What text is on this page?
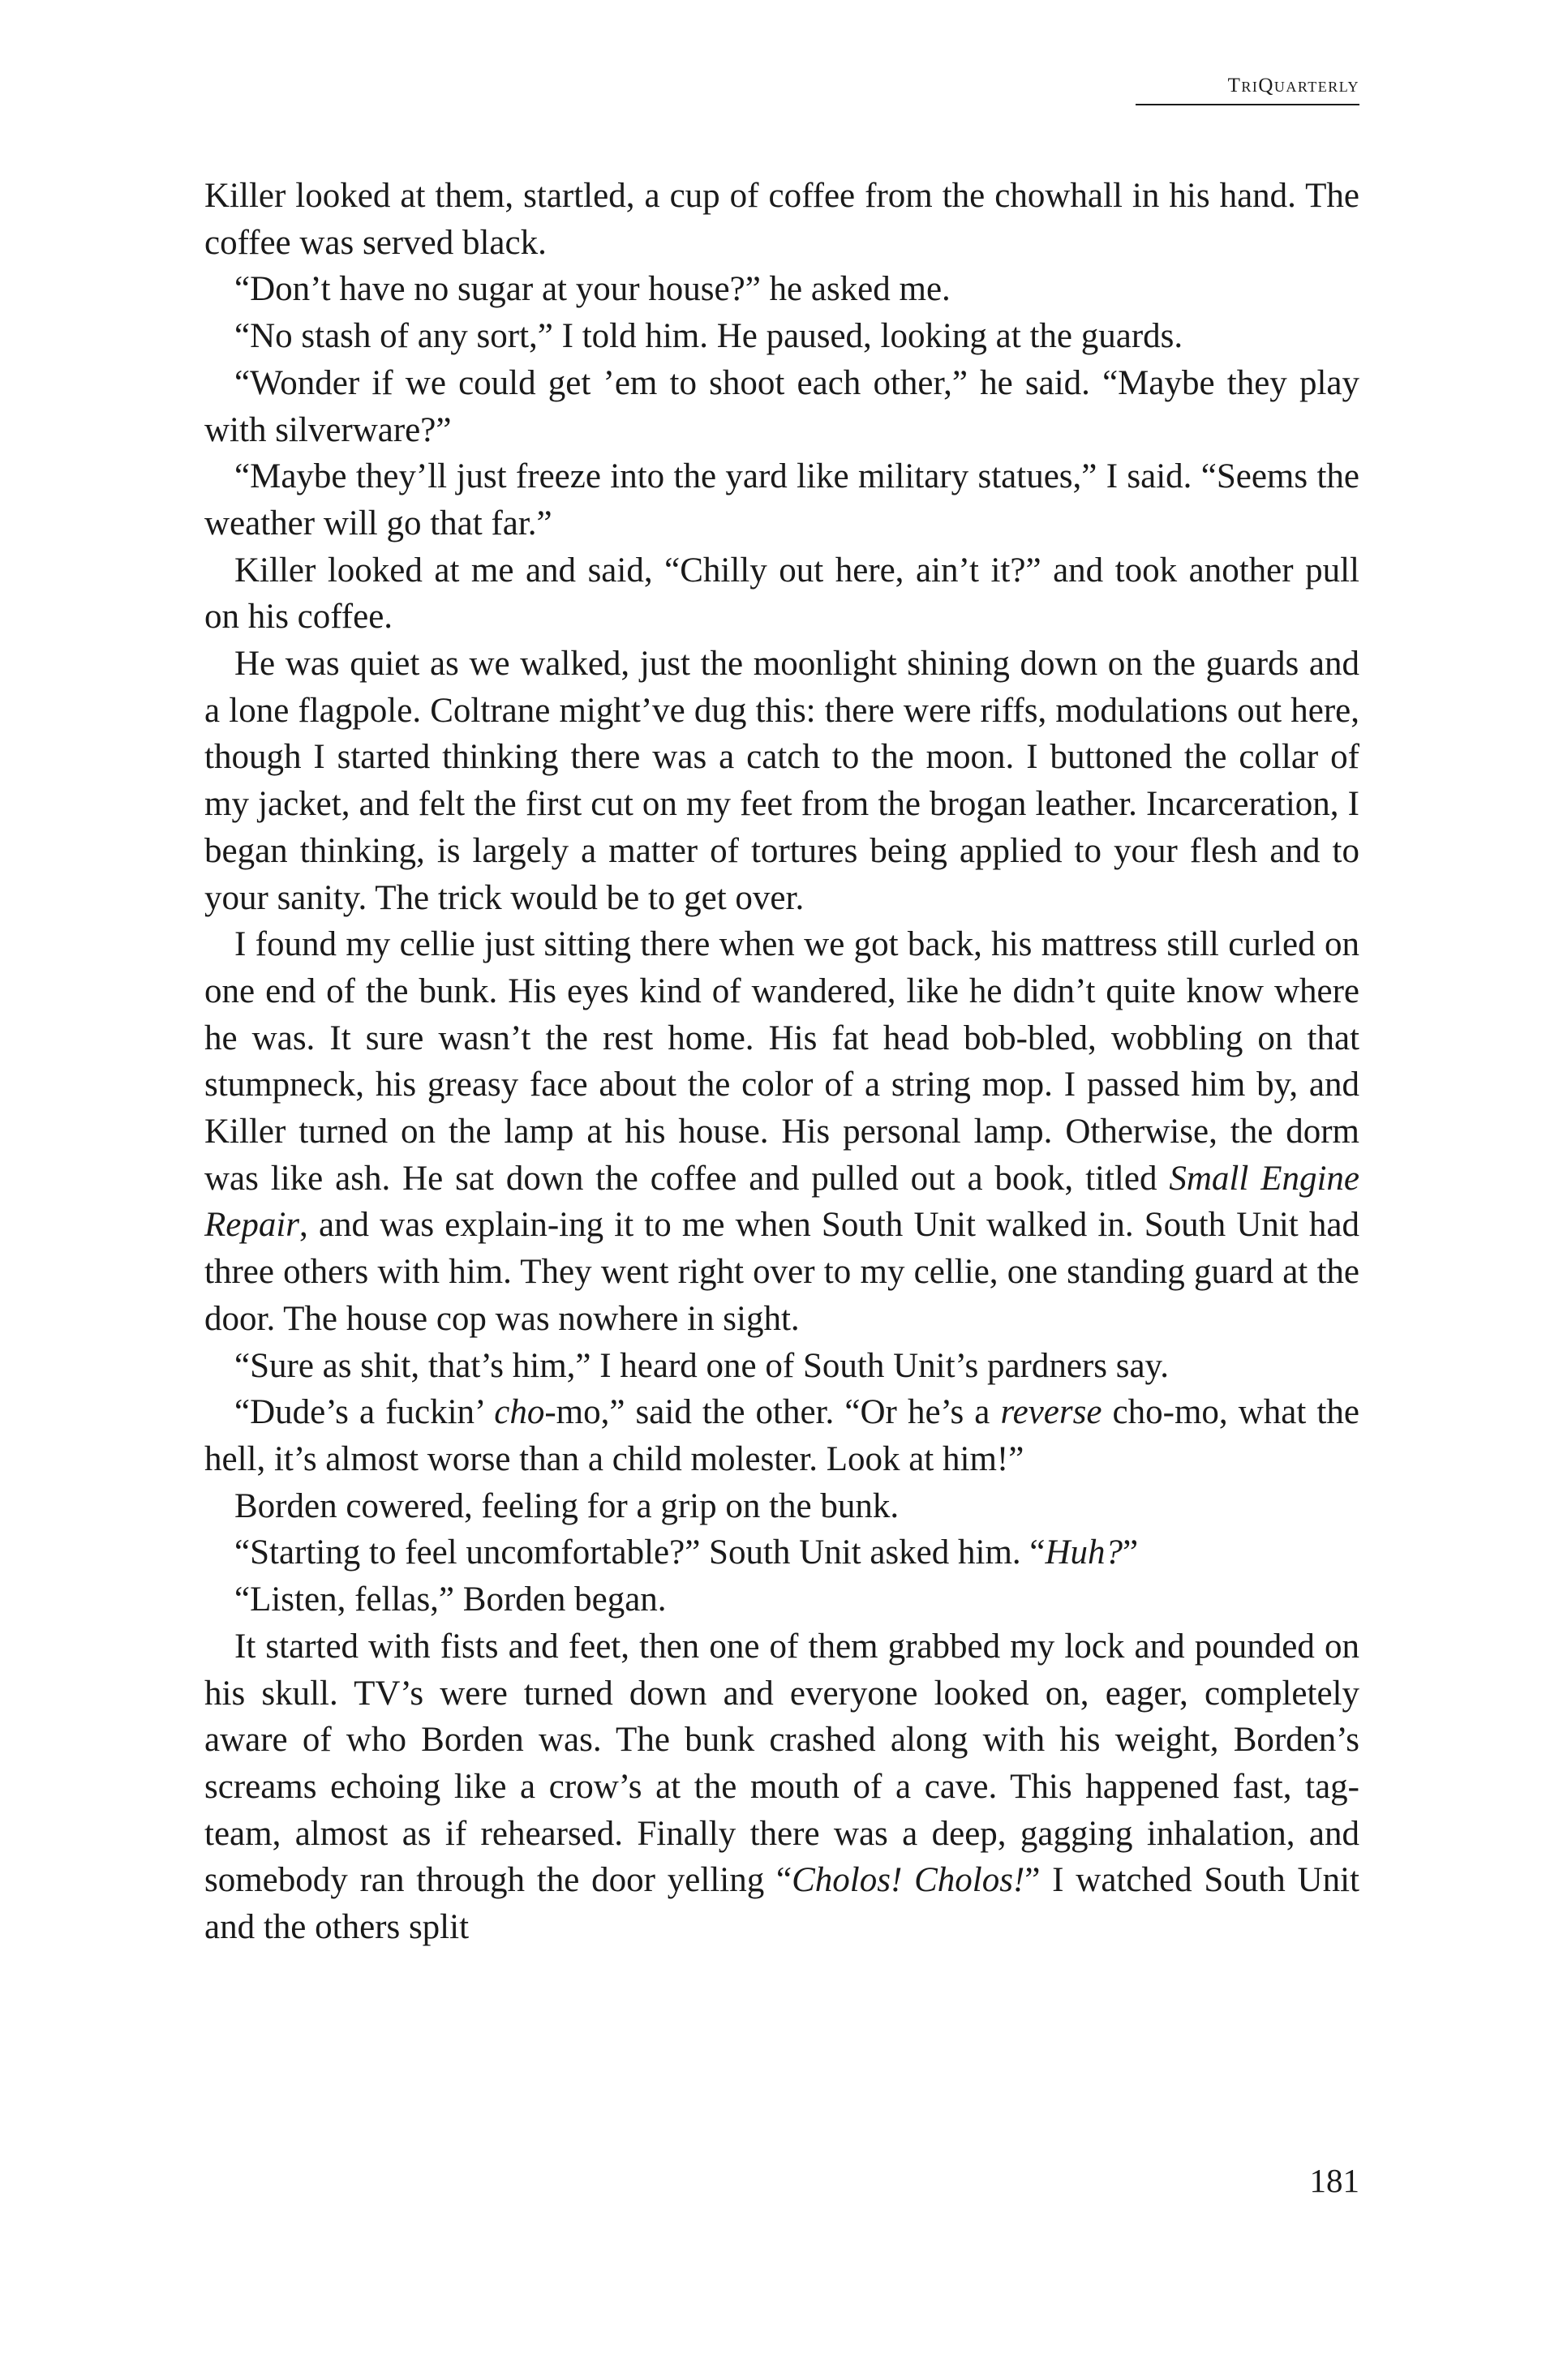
TriQuarterly

Killer looked at them, startled, a cup of coffee from the chowhall in his hand. The coffee was served black.

“Don’t have no sugar at your house?” he asked me.

“No stash of any sort,” I told him. He paused, looking at the guards.

“Wonder if we could get ’em to shoot each other,” he said. “Maybe they play with silverware?”

“Maybe they’ll just freeze into the yard like military statues,” I said. “Seems the weather will go that far.”

Killer looked at me and said, “Chilly out here, ain’t it?” and took another pull on his coffee.

He was quiet as we walked, just the moonlight shining down on the guards and a lone flagpole. Coltrane might’ve dug this: there were riffs, modulations out here, though I started thinking there was a catch to the moon. I buttoned the collar of my jacket, and felt the first cut on my feet from the brogan leather. Incarceration, I began thinking, is largely a matter of tortures being applied to your flesh and to your sanity. The trick would be to get over.

I found my cellie just sitting there when we got back, his mattress still curled on one end of the bunk. His eyes kind of wandered, like he didn’t quite know where he was. It sure wasn’t the rest home. His fat head bob-bled, wobbling on that stumpneck, his greasy face about the color of a string mop. I passed him by, and Killer turned on the lamp at his house. His personal lamp. Otherwise, the dorm was like ash. He sat down the coffee and pulled out a book, titled Small Engine Repair, and was explain-ing it to me when South Unit walked in. South Unit had three others with him. They went right over to my cellie, one standing guard at the door. The house cop was nowhere in sight.

“Sure as shit, that’s him,” I heard one of South Unit’s pardners say.

“Dude’s a fuckin’ cho-mo,” said the other. “Or he’s a reverse cho-mo, what the hell, it’s almost worse than a child molester. Look at him!”

Borden cowered, feeling for a grip on the bunk.

“Starting to feel uncomfortable?” South Unit asked him. “Huh?”

“Listen, fellas,” Borden began.

It started with fists and feet, then one of them grabbed my lock and pounded on his skull. TV’s were turned down and everyone looked on, eager, completely aware of who Borden was. The bunk crashed along with his weight, Borden’s screams echoing like a crow’s at the mouth of a cave. This happened fast, tag-team, almost as if rehearsed. Finally there was a deep, gagging inhalation, and somebody ran through the door yelling “Cholos! Cholos!” I watched South Unit and the others split

181
